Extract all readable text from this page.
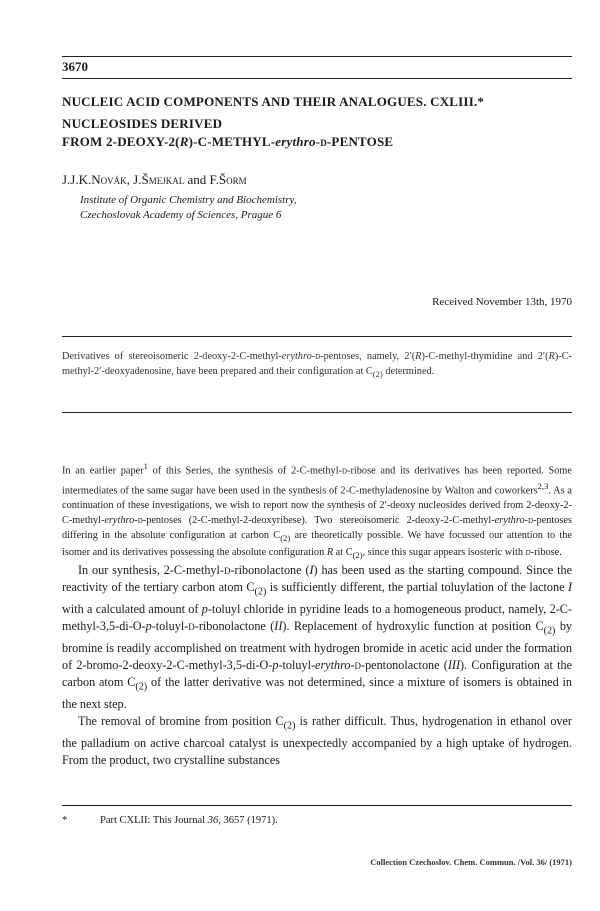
3670
NUCLEIC ACID COMPONENTS AND THEIR ANALOGUES. CXLIII.*
NUCLEOSIDES DERIVED
FROM 2-DEOXY-2(R)-C-METHYL-erythro-d-PENTOSE
J.J.K.Novák, J.Šmejkal and F.Šorm
Institute of Organic Chemistry and Biochemistry,
Czechoslovak Academy of Sciences, Prague 6
Received November 13th, 1970
Derivatives of stereoisomeric 2-deoxy-2-C-methyl-erythro-d-pentoses, namely, 2′(R)-C-methyl-thymidine and 2′(R)-C-methyl-2′-deoxyadenosine, have been prepared and their configuration at $C_{(2)}$ determined.
In an earlier paper$^1$ of this Series, the synthesis of 2-C-methyl-d-ribose and its derivatives has been reported. Some intermediates of the same sugar have been used in the synthesis of 2-C-methyladenosine by Walton and coworkers$^{2,3}$. As a continuation of these investigations, we wish to report now the synthesis of 2′-deoxy nucleosides derived from 2-deoxy-2-C-methyl-erythro-d-pentoses (2-C-methyl-2-deoxyribese). Two stereoisomeric 2-deoxy-2-C-methyl-erythro-d-pentoses differing in the absolute configuration at carbon $C_{(2)}$ are theoretically possible. We have focussed our attention to the isomer and its derivatives possessing the absolute configuration R at $C_{(2)}$, since this sugar appears isosteric with d-ribose.

In our synthesis, 2-C-methyl-d-ribonolactone (I) has been used as the starting compound. Since the reactivity of the tertiary carbon atom $C_{(2)}$ is sufficiently different, the partial toluylation of the lactone I with a calculated amount of p-toluyl chloride in pyridine leads to a homogeneous product, namely, 2-C-methyl-3,5-di-O-p-toluyl-d-ribonolactone (II). Replacement of hydroxylic function at position $C_{(2)}$ by bromine is readily accomplished on treatment with hydrogen bromide in acetic acid under the formation of 2-bromo-2-deoxy-2-C-methyl-3,5-di-O-p-toluyl-erythro-d-pentonolactone (III). Configuration at the carbon atom $C_{(2)}$ of the latter derivative was not determined, since a mixture of isomers is obtained in the next step.

The removal of bromine from position $C_{(2)}$ is rather difficult. Thus, hydrogenation in ethanol over the palladium on active charcoal catalyst is unexpectedly accompanied by a high uptake of hydrogen. From the product, two crystalline substances

*	Part CXLII: This Journal 36, 3657 (1971).
Collection Czechoslov. Chem. Commun. /Vol. 36/ (1971)
